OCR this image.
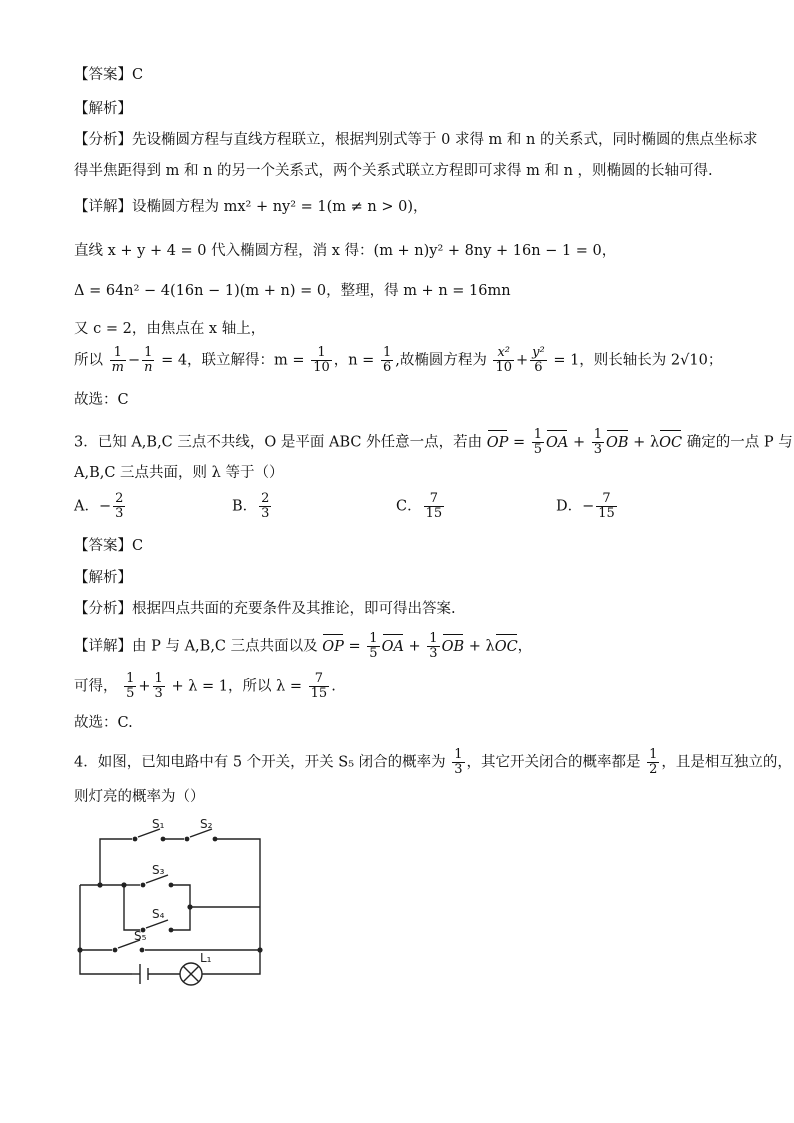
【答案】C
【解析】
【分析】先设椭圆方程与直线方程联立，根据判别式等于 0 求得 m 和 n 的关系式，同时椭圆的焦点坐标求
得半焦距得到 m 和 n 的另一个关系式，两个关系式联立方程即可求得 m 和 n ，则椭圆的长轴可得.
【详解】设椭圆方程为 mx² + ny² = 1(m ≠ n > 0)，
直线 x + y + 4 = 0 代入椭圆方程，消 x 得：(m + n)y² + 8ny + 16n − 1 = 0，
Δ = 64n² − 4(16n − 1)(m + n) = 0，整理，得 m + n = 16mn
又 c = 2，由焦点在 x 轴上，
所以 $\frac{1}{m} - \frac{1}{n} = 4$，联立解得：$m = \frac{1}{10}$ ，$n = \frac{1}{6}$ ,故椭圆方程为 $\frac{\text{x²}}{10} + \frac{\text{y²}}{6} = 1$，则长轴长为 2√10；
故选：C
3．已知 A,B,C 三点不共线，O 是平面 ABC 外任意一点，若由 OP = $\frac{1}{5}$ OA + $\frac{1}{3}$ OB + λOC 确定的一点 P 与
A,B,C 三点共面，则 λ 等于（）
A．− $\frac{2}{3}$	B． $\frac{2}{3}$	C． $\frac{7}{15}$	D．− $\frac{7}{15}$
【答案】C
【解析】
【分析】根据四点共面的充要条件及其推论，即可得出答案.
【详解】由 P 与 A,B,C 三点共面以及 OP = $\frac{1}{5}$ OA + $\frac{1}{3}$ OB + λOC，
可得， $\frac{1}{5} + \frac{1}{3} + \lambda = 1$，所以 $\lambda = \frac{7}{15}$ .
故选：C.
4．如图，已知电路中有 5 个开关，开关 S₅ 闭合的概率为 $\frac{1}{3}$ ，其它开关闭合的概率都是 $\frac{1}{2}$ ，且是相互独立的，
则灯亮的概率为（）
S₁	S₂
S₃
S₄
S₅
L₁
